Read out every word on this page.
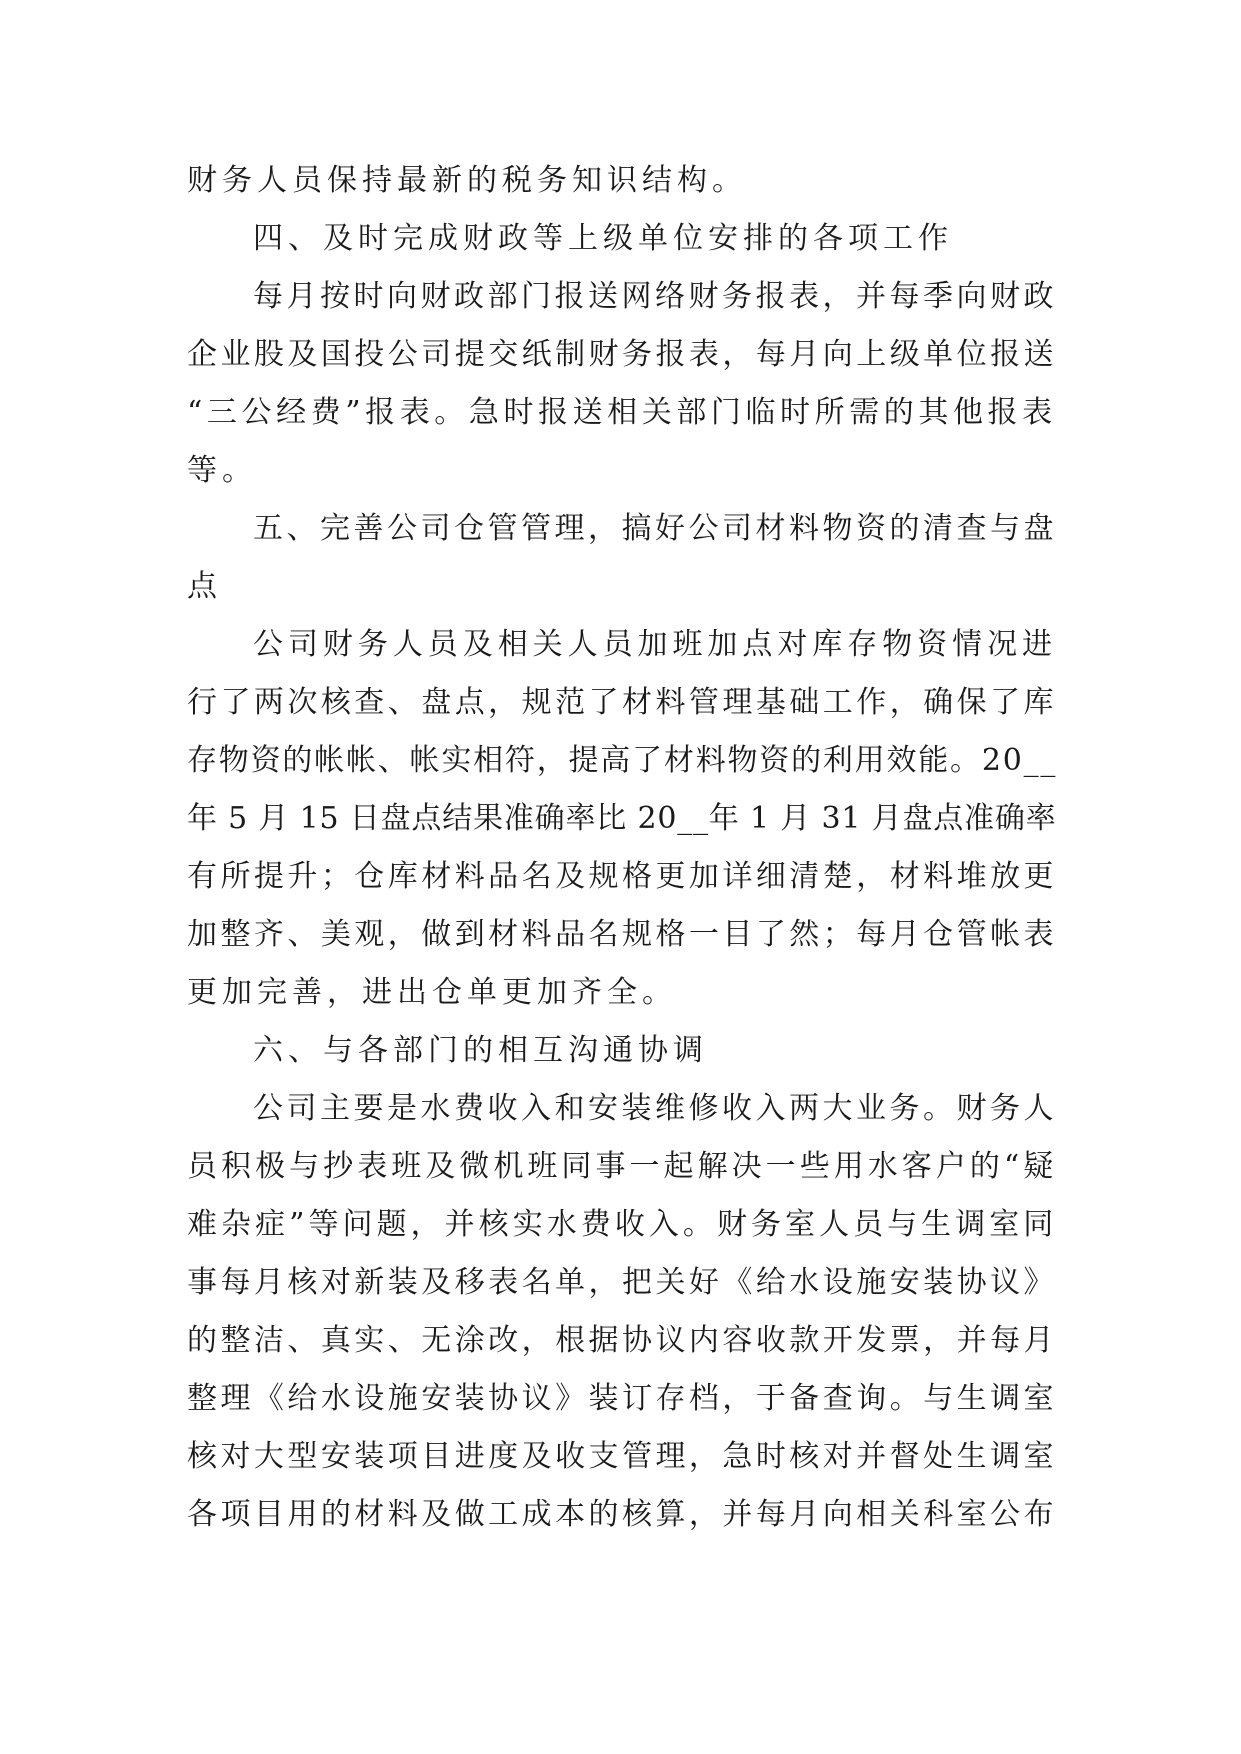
财务人员保持最新的税务知识结构。
四、及时完成财政等上级单位安排的各项工作
每月按时向财政部门报送网络财务报表，并每季向财政
企业股及国投公司提交纸制财务报表，每月向上级单位报送
“三公经费”报表。急时报送相关部门临时所需的其他报表
等。
五、完善公司仓管管理，搞好公司材料物资的清查与盘
点
公司财务人员及相关人员加班加点对库存物资情况进
行了两次核查、盘点，规范了材料管理基础工作，确保了库
存物资的帐帐、帐实相符，提高了材料物资的利用效能。20__
年 5 月 15 日盘点结果准确率比 20__年 1 月 31 月盘点准确率
有所提升；仓库材料品名及规格更加详细清楚，材料堆放更
加整齐、美观，做到材料品名规格一目了然；每月仓管帐表
更加完善，进出仓单更加齐全。
六、与各部门的相互沟通协调
公司主要是水费收入和安装维修收入两大业务。财务人
员积极与抄表班及微机班同事一起解决一些用水客户的“疑
难杂症”等问题，并核实水费收入。财务室人员与生调室同
事每月核对新装及移表名单，把关好《给水设施安装协议》
的整洁、真实、无涂改，根据协议内容收款开发票，并每月
整理《给水设施安装协议》装订存档，于备查询。与生调室
核对大型安装项目进度及收支管理，急时核对并督处生调室
各项目用的材料及做工成本的核算，并每月向相关科室公布
